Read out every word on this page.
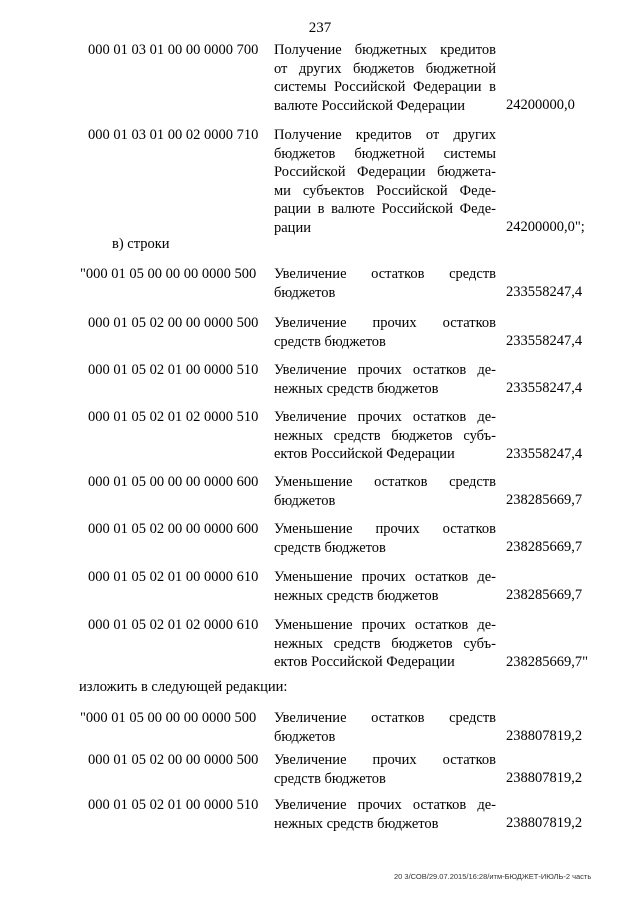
237
000 01 03 01 00 00 0000 700	Получение бюджетных кредитов
от других бюджетов бюджетной
системы Российской Федерации в
валюте Российской Федерации	24200000,0
000 01 03 01 00 02 0000 710	Получение кредитов от других
бюджетов бюджетной системы
Российской Федерации бюджета-
ми субъектов Российской Феде-
рации в валюте Российской Феде-
рации	24200000,0";
в) строки
"000 01 05 00 00 00 0000 500 Увеличение остатков средств
бюджетов	233558247,4
000 01 05 02 00 00 0000 500	Увеличение прочих остатков
средств бюджетов	233558247,4
000 01 05 02 01 00 0000 510	Увеличение прочих остатков де-
нежных средств бюджетов	233558247,4
000 01 05 02 01 02 0000 510	Увеличение прочих остатков де-
нежных средств бюджетов субъ-
ектов Российской Федерации	233558247,4
000 01 05 00 00 00 0000 600	Уменьшение остатков средств
бюджетов	238285669,7
000 01 05 02 00 00 0000 600	Уменьшение прочих остатков
средств бюджетов	238285669,7
000 01 05 02 01 00 0000 610	Уменьшение прочих остатков де-
нежных средств бюджетов	238285669,7
000 01 05 02 01 02 0000 610	Уменьшение прочих остатков де-
нежных средств бюджетов субъ-
ектов Российской Федерации	238285669,7"
изложить в следующей редакции:
"000 01 05 00 00 00 0000 500 Увеличение остатков средств
бюджетов	238807819,2
000 01 05 02 00 00 0000 500	Увеличение прочих остатков
средств бюджетов	238807819,2
000 01 05 02 01 00 0000 510	Увеличение прочих остатков де-
нежных средств бюджетов	238807819,2
20 3/СОВ/29.07.2015/16:28/итм-БЮДЖЕТ-ИЮЛЬ-2 часть
